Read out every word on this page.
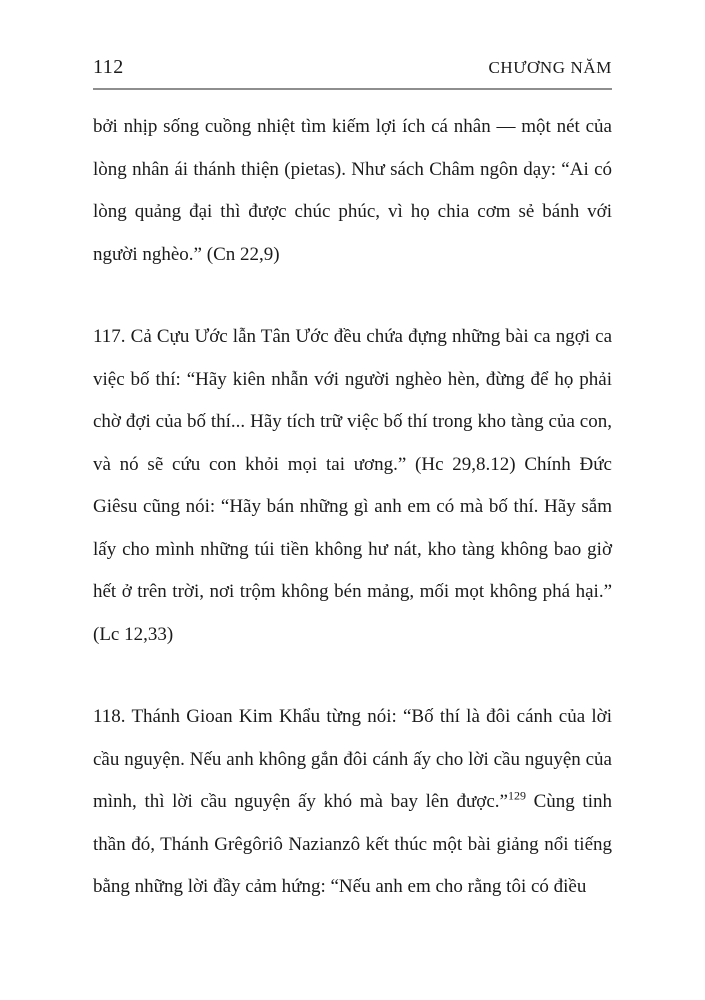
112	CHƯƠNG NĂM

bởi nhịp sống cuồng nhiệt tìm kiếm lợi ích cá nhân — một nét của lòng nhân ái thánh thiện (pietas). Như sách Châm ngôn dạy: “Ai có lòng quảng đại thì được chúc phúc, vì họ chia cơm sẻ bánh với người nghèo.” (Cn 22,9)

117. Cả Cựu Ước lẫn Tân Ước đều chứa đựng những bài ca ngợi ca việc bố thí: “Hãy kiên nhẫn với người nghèo hèn, đừng để họ phải chờ đợi của bố thí... Hãy tích trữ việc bố thí trong kho tàng của con, và nó sẽ cứu con khỏi mọi tai ương.” (Hc 29,8.12) Chính Đức Giêsu cũng nói: “Hãy bán những gì anh em có mà bố thí. Hãy sắm lấy cho mình những túi tiền không hư nát, kho tàng không bao giờ hết ở trên trời, nơi trộm không bén mảng, mối mọt không phá hại.” (Lc 12,33)

118. Thánh Gioan Kim Khẩu từng nói: “Bố thí là đôi cánh của lời cầu nguyện. Nếu anh không gắn đôi cánh ấy cho lời cầu nguyện của mình, thì lời cầu nguyện ấy khó mà bay lên được.”$^{129}$ Cùng tinh thần đó, Thánh Grêgôriô Nazianzô kết thúc một bài giảng nổi tiếng bằng những lời đầy cảm hứng: “Nếu anh em cho rằng tôi có điều
